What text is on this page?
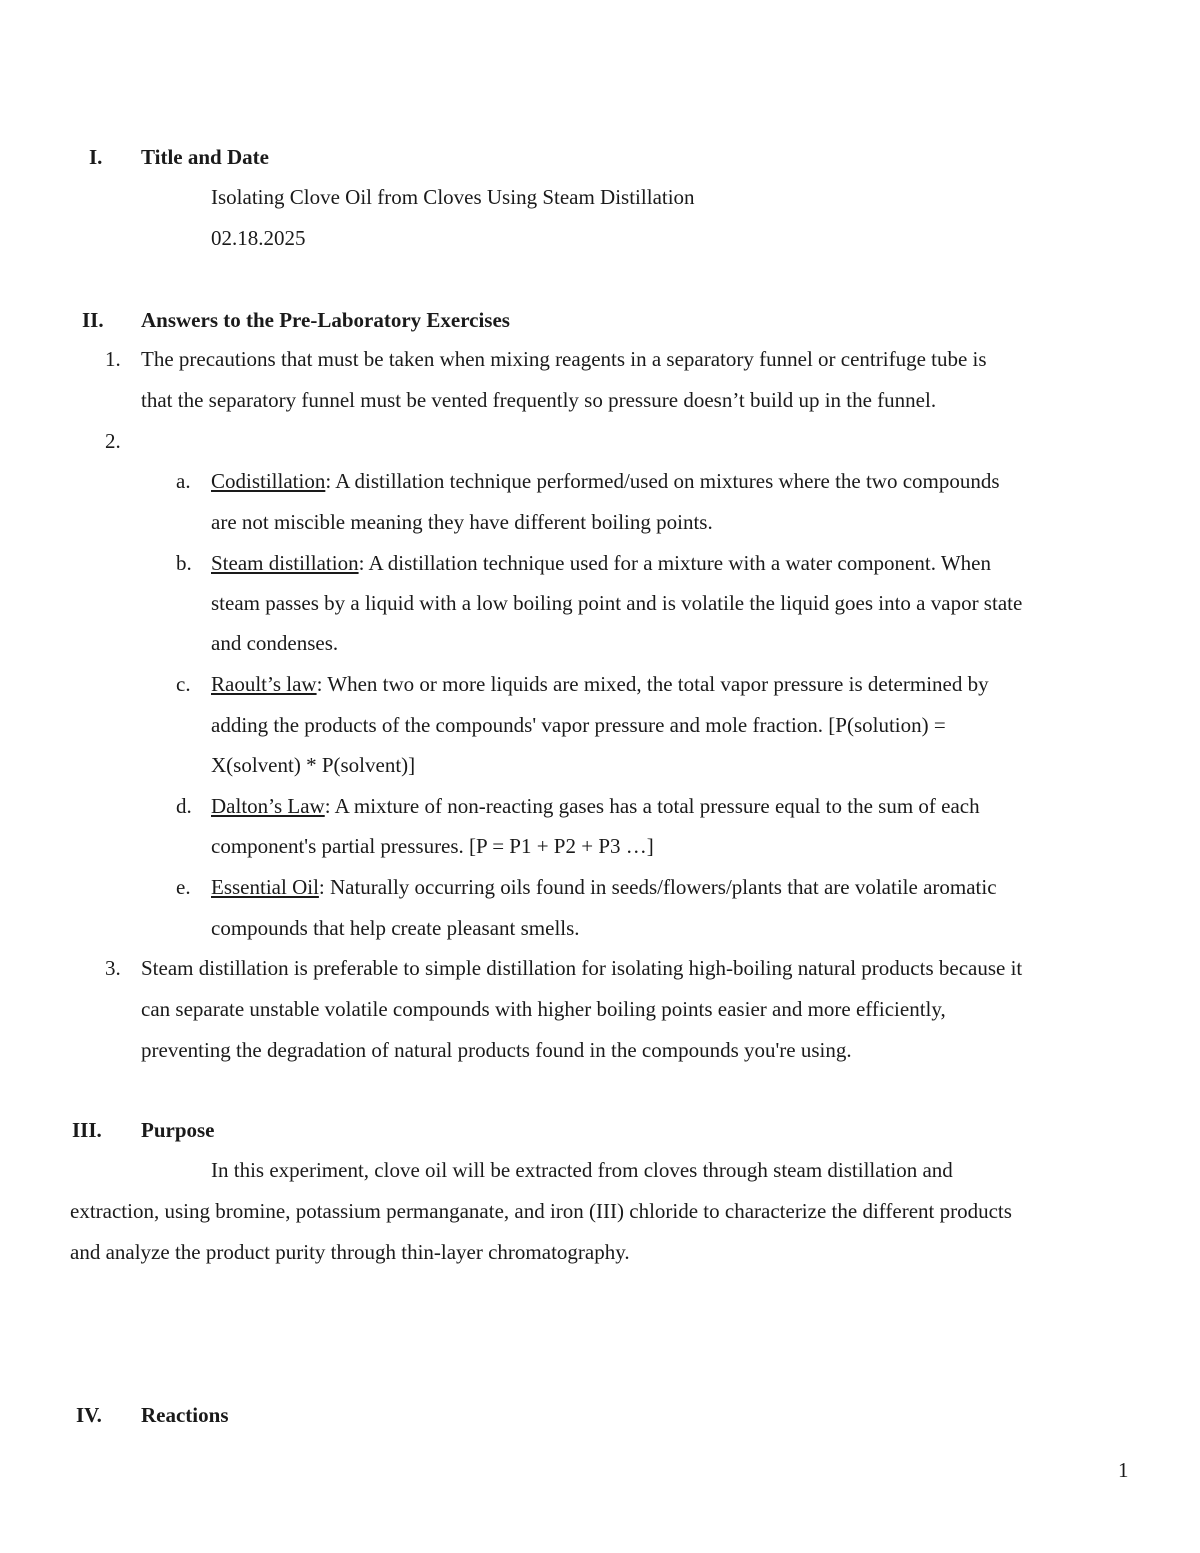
I. Title and Date
Isolating Clove Oil from Cloves Using Steam Distillation
02.18.2025
II. Answers to the Pre-Laboratory Exercises
1. The precautions that must be taken when mixing reagents in a separatory funnel or centrifuge tube is
that the separatory funnel must be vented frequently so pressure doesn’t build up in the funnel.
2.
a. Codistillation: A distillation technique performed/used on mixtures where the two compounds
are not miscible meaning they have different boiling points.
b. Steam distillation: A distillation technique used for a mixture with a water component. When
steam passes by a liquid with a low boiling point and is volatile the liquid goes into a vapor state
and condenses.
c. Raoult’s law: When two or more liquids are mixed, the total vapor pressure is determined by
adding the products of the compounds' vapor pressure and mole fraction. [P(solution) =
X(solvent) * P(solvent)]
d. Dalton’s Law: A mixture of non-reacting gases has a total pressure equal to the sum of each
component's partial pressures. [P = P1 + P2 + P3 …]
e. Essential Oil: Naturally occurring oils found in seeds/flowers/plants that are volatile aromatic
compounds that help create pleasant smells.
3. Steam distillation is preferable to simple distillation for isolating high-boiling natural products because it
can separate unstable volatile compounds with higher boiling points easier and more efficiently,
preventing the degradation of natural products found in the compounds you're using.
III. Purpose
In this experiment, clove oil will be extracted from cloves through steam distillation and
extraction, using bromine, potassium permanganate, and iron (III) chloride to characterize the different products
and analyze the product purity through thin-layer chromatography.
IV. Reactions
1
